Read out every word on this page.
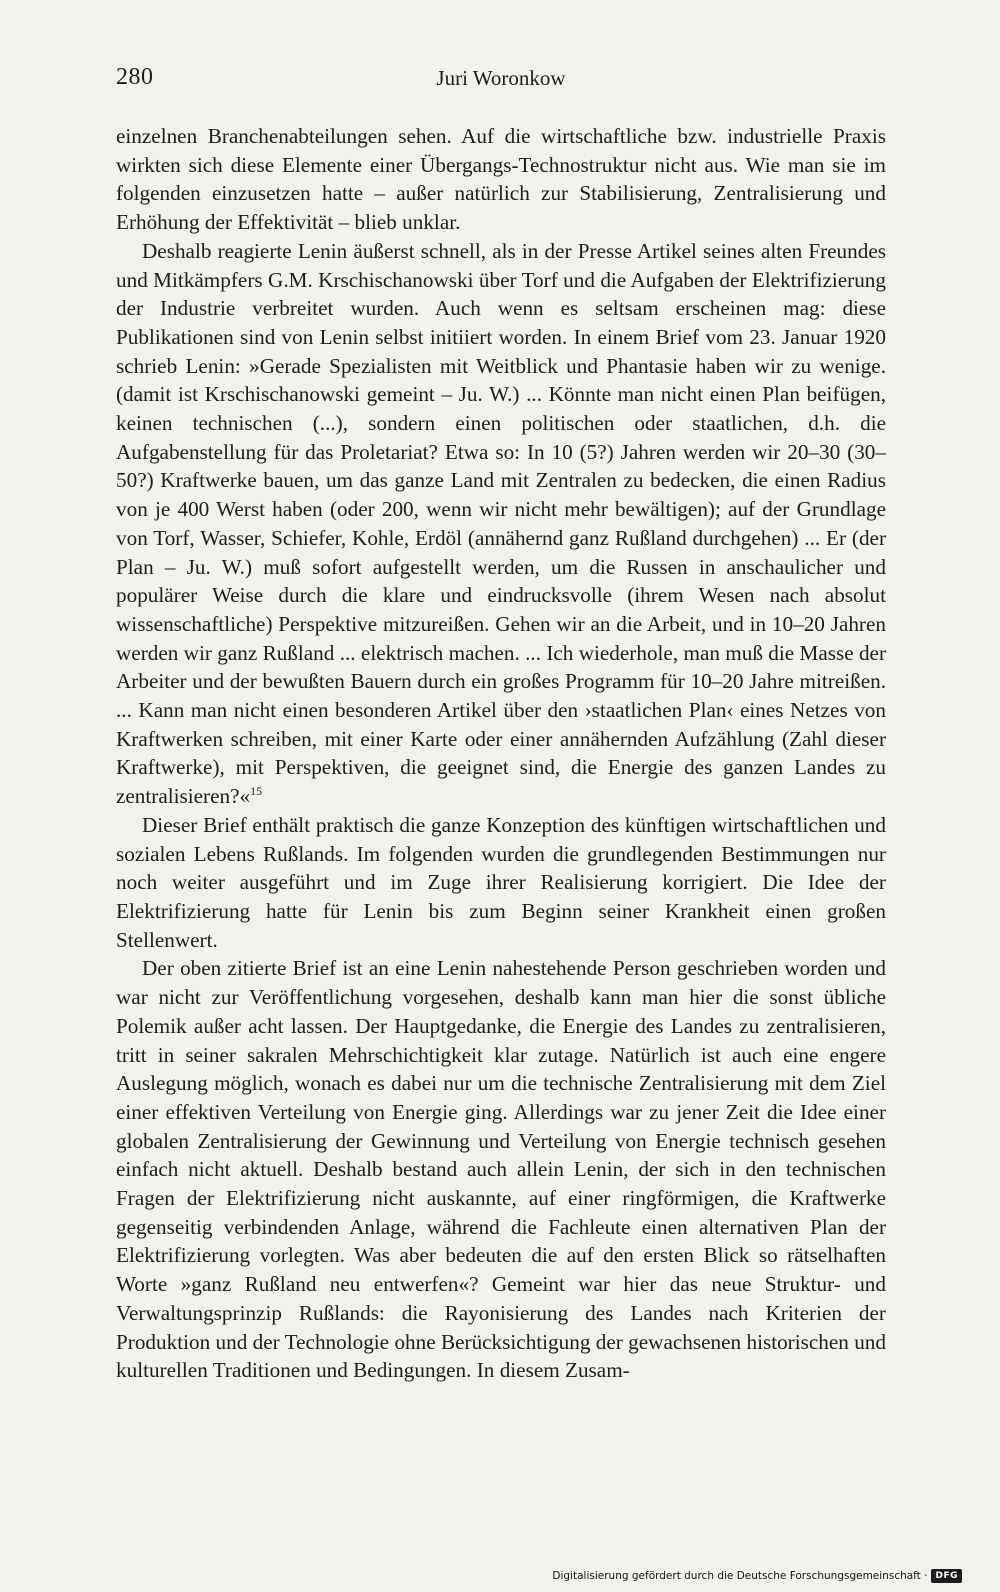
280	Juri Woronkow

einzelnen Branchenabteilungen sehen. Auf die wirtschaftliche bzw. industrielle Praxis wirkten sich diese Elemente einer Übergangs-Technostruktur nicht aus. Wie man sie im folgenden einzusetzen hatte – außer natürlich zur Stabilisierung, Zentralisierung und Erhöhung der Effektivität – blieb unklar.

Deshalb reagierte Lenin äußerst schnell, als in der Presse Artikel seines alten Freundes und Mitkämpfers G.M. Krschischanowski über Torf und die Aufgaben der Elektrifizierung der Industrie verbreitet wurden. Auch wenn es seltsam erscheinen mag: diese Publikationen sind von Lenin selbst initiiert worden. In einem Brief vom 23. Januar 1920 schrieb Lenin: »Gerade Spezialisten mit Weitblick und Phantasie haben wir zu wenige. (damit ist Krschischanowski gemeint – Ju. W.) ... Könnte man nicht einen Plan beifügen, keinen technischen (...), sondern einen politischen oder staatlichen, d.h. die Aufgabenstellung für das Proletariat? Etwa so: In 10 (5?) Jahren werden wir 20–30 (30–50?) Kraftwerke bauen, um das ganze Land mit Zentralen zu bedecken, die einen Radius von je 400 Werst haben (oder 200, wenn wir nicht mehr bewältigen); auf der Grundlage von Torf, Wasser, Schiefer, Kohle, Erdöl (annähernd ganz Rußland durchgehen) ... Er (der Plan – Ju. W.) muß sofort aufgestellt werden, um die Russen in anschaulicher und populärer Weise durch die klare und eindrucksvolle (ihrem Wesen nach absolut wissenschaftliche) Perspektive mitzureißen. Gehen wir an die Arbeit, und in 10–20 Jahren werden wir ganz Rußland ... elektrisch machen. ... Ich wiederhole, man muß die Masse der Arbeiter und der bewußten Bauern durch ein großes Programm für 10–20 Jahre mitreißen. ... Kann man nicht einen besonderen Artikel über den ›staatlichen Plan‹ eines Netzes von Kraftwerken schreiben, mit einer Karte oder einer annähernden Aufzählung (Zahl dieser Kraftwerke), mit Perspektiven, die geeignet sind, die Energie des ganzen Landes zu zentralisieren?«$^{15}$

Dieser Brief enthält praktisch die ganze Konzeption des künftigen wirtschaftlichen und sozialen Lebens Rußlands. Im folgenden wurden die grundlegenden Bestimmungen nur noch weiter ausgeführt und im Zuge ihrer Realisierung korrigiert. Die Idee der Elektrifizierung hatte für Lenin bis zum Beginn seiner Krankheit einen großen Stellenwert.

Der oben zitierte Brief ist an eine Lenin nahestehende Person geschrieben worden und war nicht zur Veröffentlichung vorgesehen, deshalb kann man hier die sonst übliche Polemik außer acht lassen. Der Hauptgedanke, die Energie des Landes zu zentralisieren, tritt in seiner sakralen Mehrschichtigkeit klar zutage. Natürlich ist auch eine engere Auslegung möglich, wonach es dabei nur um die technische Zentralisierung mit dem Ziel einer effektiven Verteilung von Energie ging. Allerdings war zu jener Zeit die Idee einer globalen Zentralisierung der Gewinnung und Verteilung von Energie technisch gesehen einfach nicht aktuell. Deshalb bestand auch allein Lenin, der sich in den technischen Fragen der Elektrifizierung nicht auskannte, auf einer ringförmigen, die Kraftwerke gegenseitig verbindenden Anlage, während die Fachleute einen alternativen Plan der Elektrifizierung vorlegten. Was aber bedeuten die auf den ersten Blick so rätselhaften Worte »ganz Rußland neu entwerfen«? Gemeint war hier das neue Struktur- und Verwaltungsprinzip Rußlands: die Rayonisierung des Landes nach Kriterien der Produktion und der Technologie ohne Berücksichtigung der gewachsenen historischen und kulturellen Traditionen und Bedingungen. In diesem Zusam-

Digitalisierung gefördert durch die Deutsche Forschungsgemeinschaft · DFG
